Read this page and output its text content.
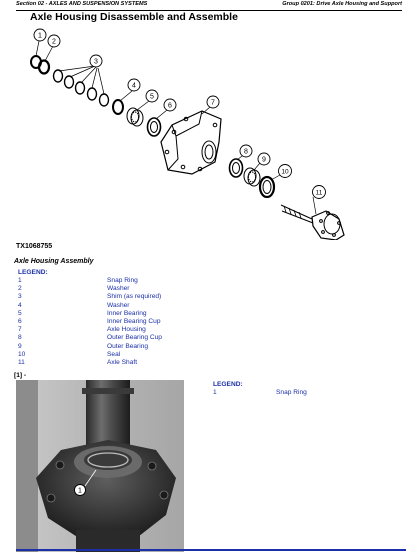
Section 02 - AXLES AND SUSPENSION SYSTEMS	Group 0201: Drive Axle Housing and Support
Axle Housing Disassemble and Assemble
1
2
3
4
5
6	7
8
9
10
11
TX1068755
Axle Housing Assembly
LEGEND:
1	Snap Ring
2	Washer
3	Shim (as required)
4	Washer
5	Inner Bearing
6	Inner Bearing Cup
7	Axle Housing
8	Outer Bearing Cup
9	Outer Bearing
10	Seal
11	Axle Shaft
[1] -
1
LEGEND:
1	Snap Ring
